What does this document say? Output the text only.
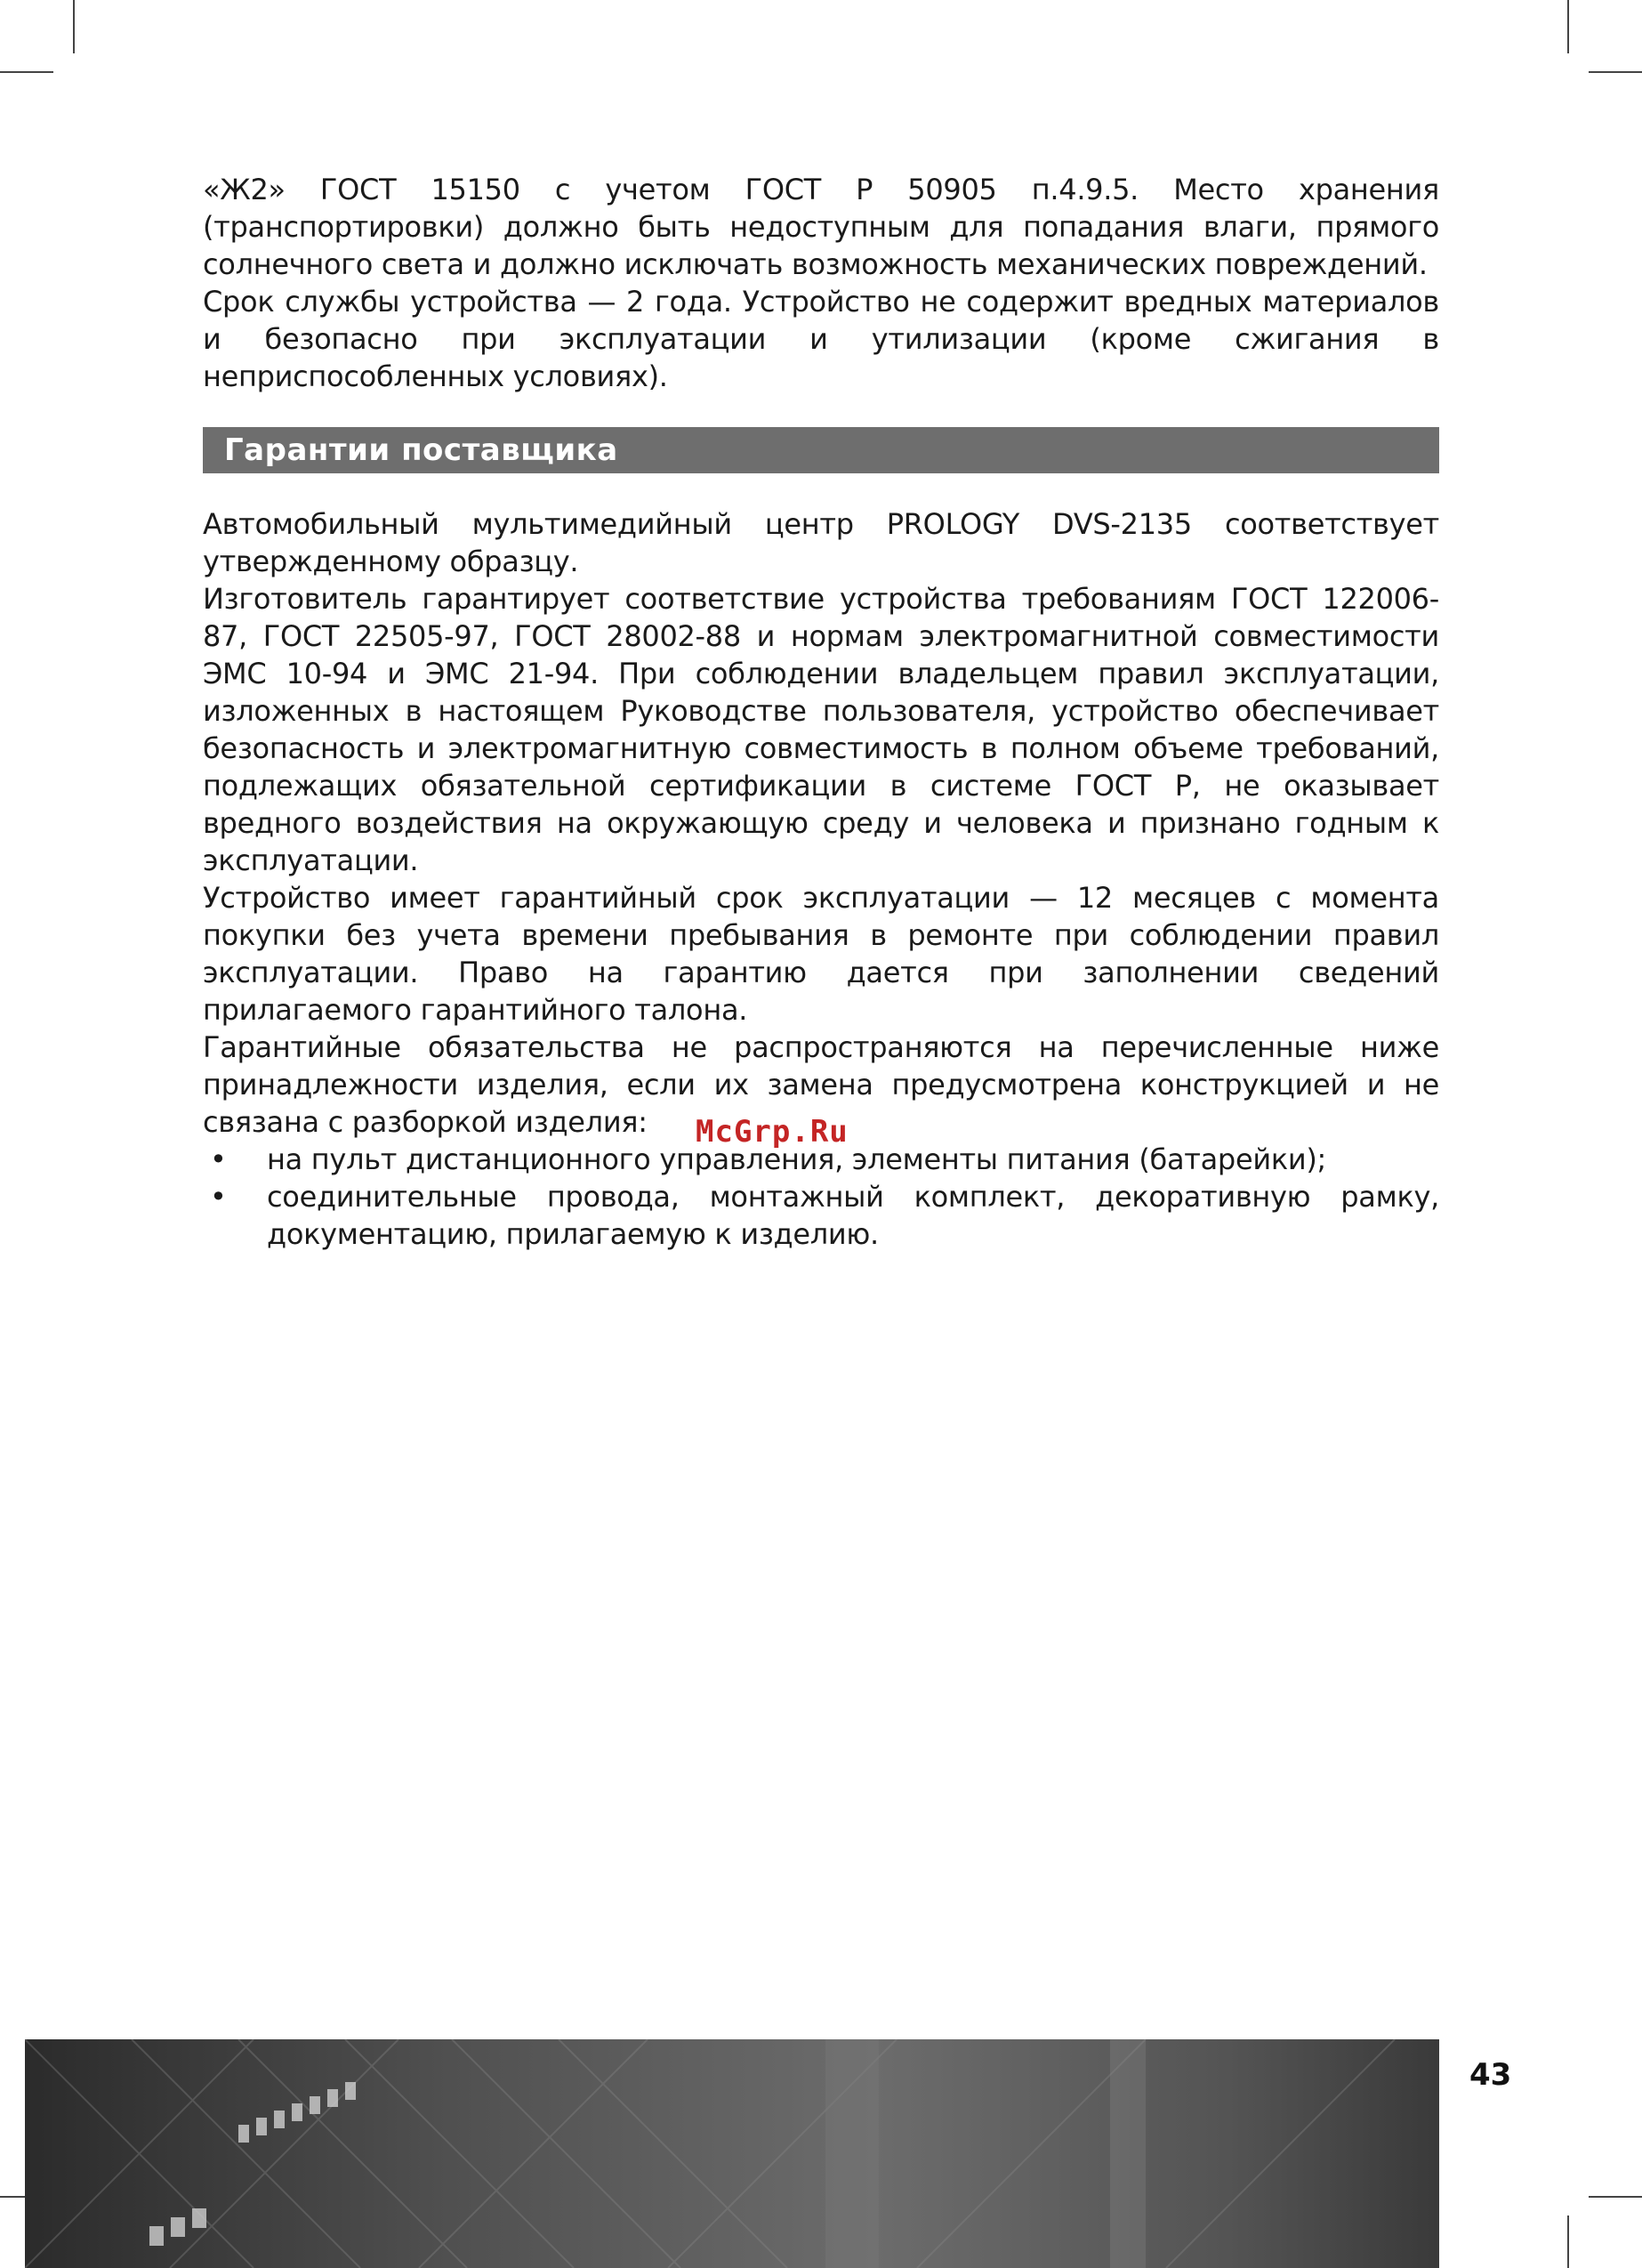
«Ж2» ГОСТ 15150 с учетом ГОСТ Р 50905 п.4.9.5. Место хранения (транспортировки) должно быть недоступным для попадания влаги, прямого солнечного света и должно исключать возможность механических повреждений.

Срок службы устройства — 2 года. Устройство не содержит вредных материалов и безопасно при эксплуатации и утилизации (кроме сжигания в неприспособленных условиях).

Гарантии поставщика

Автомобильный мультимедийный центр PROLOGY DVS-2135 соответствует утвержденному образцу.

Изготовитель гарантирует соответствие устройства требованиям ГОСТ 122006-87, ГОСТ 22505-97, ГОСТ 28002-88 и нормам электромагнитной совместимости ЭМС 10-94 и ЭМС 21-94. При соблюдении владельцем правил эксплуатации, изложенных в настоящем Руководстве пользователя, устройство обеспечивает безопасность и электромагнитную совместимость в полном объеме требований, подлежащих обязательной сертификации в системе ГОСТ Р, не оказывает вредного воздействия на окружающую среду и человека и признано годным к эксплуатации.

Устройство имеет гарантийный срок эксплуатации — 12 месяцев с момента покупки без учета времени пребывания в ремонте при соблюдении правил эксплуатации. Право на гарантию дается при заполнении сведений прилагаемого гарантийного талона.

Гарантийные обязательства не распространяются на перечисленные ниже принадлежности изделия, если их замена предусмотрена конструкцией и не связана с разборкой изделия:

• на пульт дистанционного управления, элементы питания (батарейки);
• соединительные провода, монтажный комплект, декоративную рамку, документацию, прилагаемую к изделию.
McGrp.Ru
43
